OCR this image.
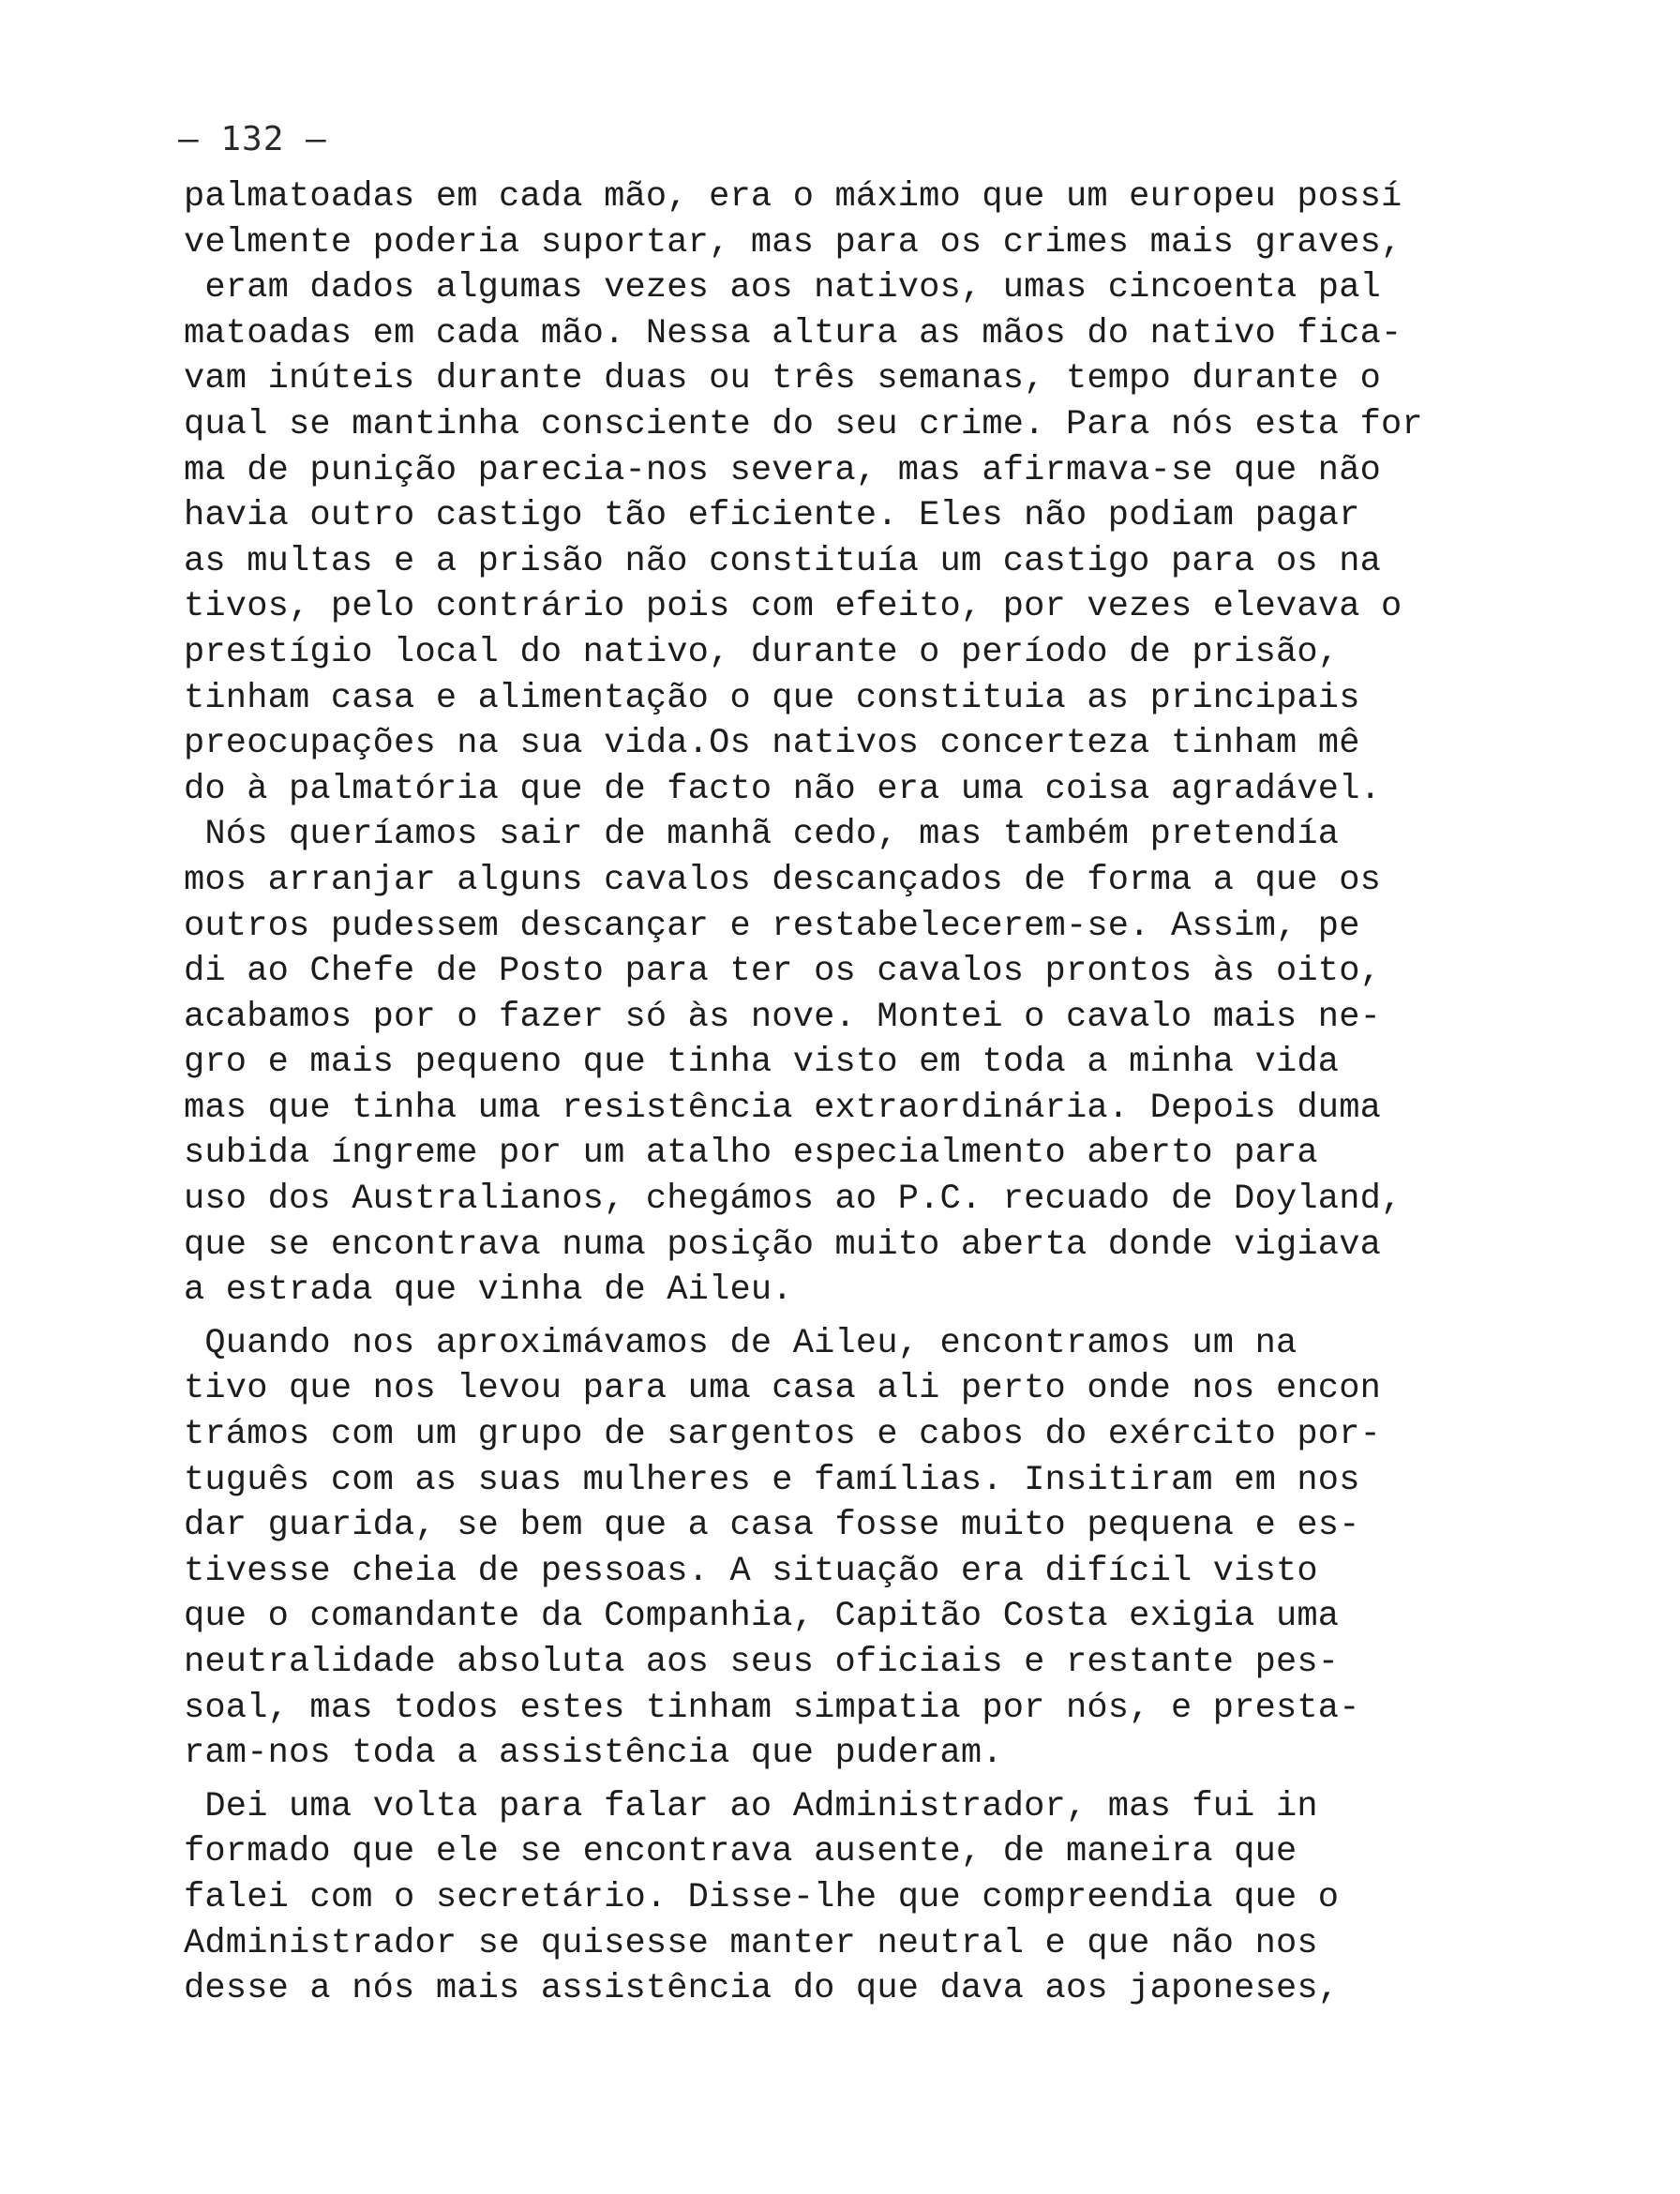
— 132 —
palmatoadas em cada mão, era o máximo que um europeu possí
velmente poderia suportar, mas para os crimes mais graves,
eram dados algumas vezes aos nativos, umas cincoenta pal
matoadas em cada mão. Nessa altura as mãos do nativo fica-
vam inúteis durante duas ou três semanas, tempo durante o
qual se mantinha consciente do seu crime. Para nós esta for
ma de punição parecia-nos severa, mas afirmava-se que não
havia outro castigo tão eficiente. Eles não podiam pagar
as multas e a prisão não constituía um castigo para os na
tivos, pelo contrário pois com efeito, por vezes elevava o
prestígio local do nativo, durante o período de prisão,
tinham casa e alimentação o que constituia as principais
preocupações na sua vida.Os nativos concerteza tinham mê
do à palmatória que de facto não era uma coisa agradável.
Nós queríamos sair de manhã cedo, mas também pretendía
mos arranjar alguns cavalos descançados de forma a que os
outros pudessem descançar e restabelecerem-se. Assim, pe
di ao Chefe de Posto para ter os cavalos prontos às oito,
acabamos por o fazer só às nove. Montei o cavalo mais ne-
gro e mais pequeno que tinha visto em toda a minha vida
mas que tinha uma resistência extraordinária. Depois duma
subida íngreme por um atalho especialmento aberto para
uso dos Australianos, chegámos ao P.C. recuado de Doyland,
que se encontrava numa posição muito aberta donde vigiava
a estrada que vinha de Aileu.
Quando nos aproximávamos de Aileu, encontramos um na
tivo que nos levou para uma casa ali perto onde nos encon
trámos com um grupo de sargentos e cabos do exército por-
tuguês com as suas mulheres e famílias. Insitiram em nos
dar guarida, se bem que a casa fosse muito pequena e es-
tivesse cheia de pessoas. A situação era difícil visto
que o comandante da Companhia, Capitão Costa exigia uma
neutralidade absoluta aos seus oficiais e restante pes-
soal, mas todos estes tinham simpatia por nós, e presta-
ram-nos toda a assistência que puderam.
Dei uma volta para falar ao Administrador, mas fui in
formado que ele se encontrava ausente, de maneira que
falei com o secretário. Disse-lhe que compreendia que o
Administrador se quisesse manter neutral e que não nos
desse a nós mais assistência do que dava aos japoneses,
